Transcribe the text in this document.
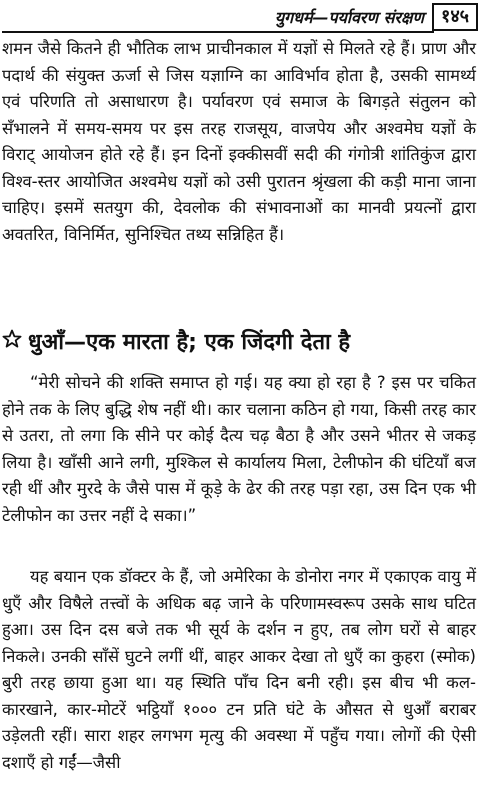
युगधर्म—पर्यावरण संरक्षण १४५

शमन जैसे कितने ही भौतिक लाभ प्राचीनकाल में यज्ञों से मिलते रहे हैं। प्राण और पदार्थ की संयुक्त ऊर्जा से जिस यज्ञाग्नि का आविर्भाव होता है, उसकी सामर्थ्य एवं परिणति तो असाधारण है। पर्यावरण एवं समाज के बिगड़ते संतुलन को सँभालने में समय-समय पर इस तरह राजसूय, वाजपेय और अश्वमेघ यज्ञों के विराट् आयोजन होते रहे हैं। इन दिनों इक्कीसवीं सदी की गंगोत्री शांतिकुंज द्वारा विश्व-स्तर आयोजित अश्वमेध यज्ञों को उसी पुरातन श्रृंखला की कड़ी माना जाना चाहिए। इसमें सतयुग की, देवलोक की संभावनाओं का मानवी प्रयत्नों द्वारा अवतरित, विनिर्मित, सुनिश्चित तथ्य सन्निहित हैं।

धुआँ—एक मारता है; एक जिंदगी देता है

“मेरी सोचने की शक्ति समाप्त हो गई। यह क्या हो रहा है ? इस पर चकित होने तक के लिए बुद्धि शेष नहीं थी। कार चलाना कठिन हो गया, किसी तरह कार से उतरा, तो लगा कि सीने पर कोई दैत्य चढ़ बैठा है और उसने भीतर से जकड़ लिया है। खाँसी आने लगी, मुश्किल से कार्यालय मिला, टेलीफोन की घंटियाँ बज रही थीं और मुरदे के जैसे पास में कूड़े के ढेर की तरह पड़ा रहा, उस दिन एक भी टेलीफोन का उत्तर नहीं दे सका।”

यह बयान एक डॉक्टर के हैं, जो अमेरिका के डोनोरा नगर में एकाएक वायु में धुएँ और विषैले तत्त्वों के अधिक बढ़ जाने के परिणामस्वरूप उसके साथ घटित हुआ। उस दिन दस बजे तक भी सूर्य के दर्शन न हुए, तब लोग घरों से बाहर निकले। उनकी साँसें घुटने लगीं थीं, बाहर आकर देखा तो धुएँ का कुहरा (स्मोक) बुरी तरह छाया हुआ था। यह स्थिति पाँच दिन बनी रही। इस बीच भी कल-कारखाने, कार-मोटरें भट्ठियाँ १००० टन प्रति घंटे के औसत से धुआँ बराबर उड़ेलती रहीं। सारा शहर लगभग मृत्यु की अवस्था में पहुँच गया। लोगों की ऐसी दशाएँ हो गईं—जैसी
